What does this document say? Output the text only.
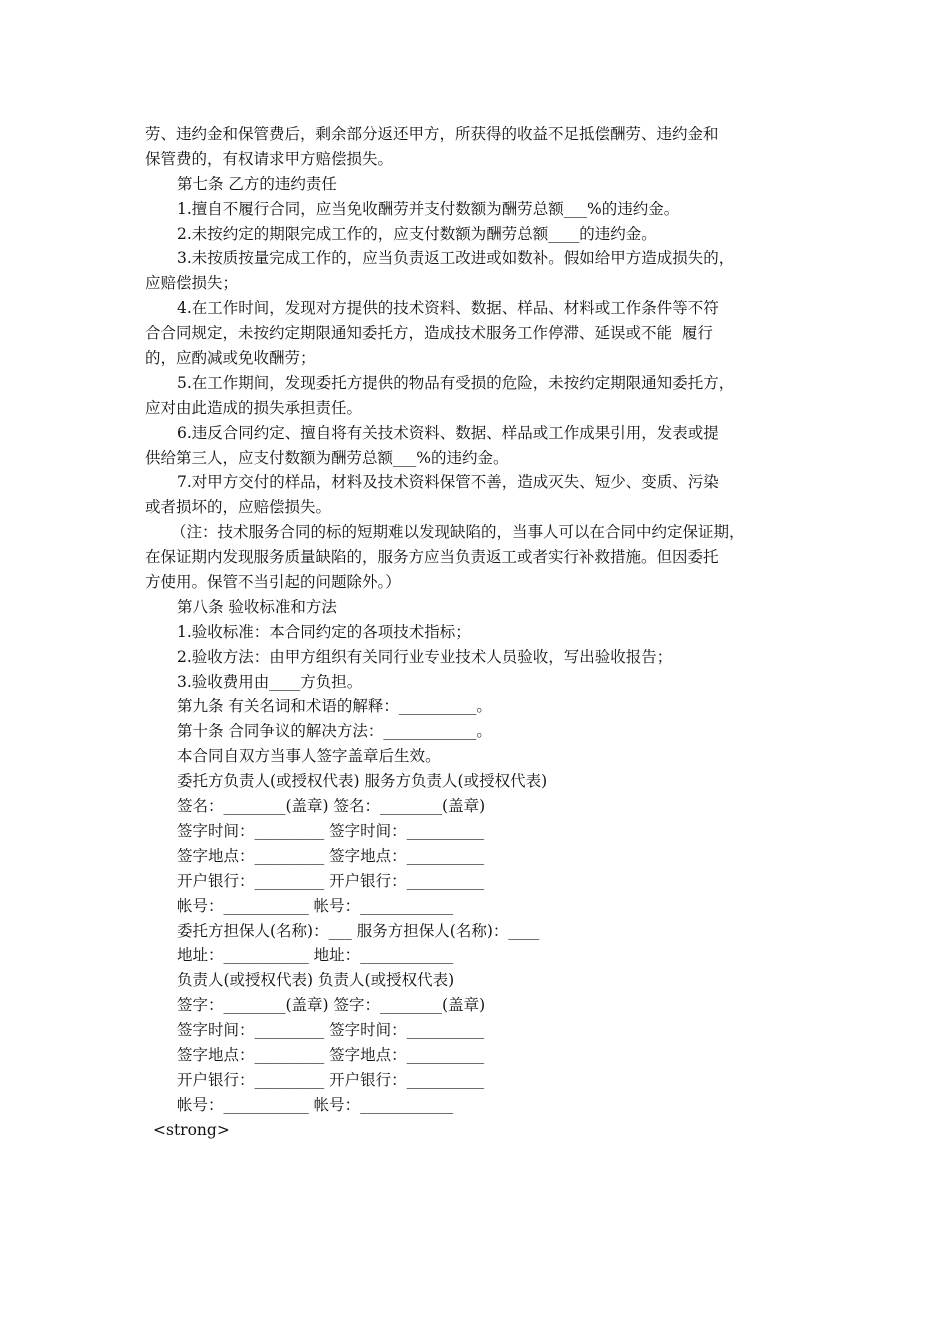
劳、违约金和保管费后，剩余部分返还甲方，所获得的收益不足抵偿酬劳、违约金和
保管费的，有权请求甲方赔偿损失。
第七条 乙方的违约责任
1.擅自不履行合同，应当免收酬劳并支付数额为酬劳总额___%的违约金。
2.未按约定的期限完成工作的，应支付数额为酬劳总额____的违约金。
3.未按质按量完成工作的，应当负责返工改进或如数补。假如给甲方造成损失的，
应赔偿损失；
4.在工作时间，发现对方提供的技术资料、数据、样品、材料或工作条件等不符
合合同规定，未按约定期限通知委托方，造成技术服务工作停滞、延误或不能  履行
的，应酌减或免收酬劳；
5.在工作期间，发现委托方提供的物品有受损的危险，未按约定期限通知委托方，
应对由此造成的损失承担责任。
6.违反合同约定、擅自将有关技术资料、数据、样品或工作成果引用，发表或提
供给第三人，应支付数额为酬劳总额___%的违约金。
7.对甲方交付的样品，材料及技术资料保管不善，造成灭失、短少、变质、污染
或者损坏的，应赔偿损失。
（注：技术服务合同的标的短期难以发现缺陷的，当事人可以在合同中约定保证期，
在保证期内发现服务质量缺陷的，服务方应当负责返工或者实行补救措施。但因委托
方使用。保管不当引起的问题除外。）
第八条 验收标准和方法
1.验收标准：本合同约定的各项技术指标；
2.验收方法：由甲方组织有关同行业专业技术人员验收，写出验收报告；
3.验收费用由____方负担。
第九条 有关名词和术语的解释：__________。
第十条 合同争议的解决方法：____________。
本合同自双方当事人签字盖章后生效。
委托方负责人(或授权代表) 服务方负责人(或授权代表)
签名：________(盖章) 签名：________(盖章)
签字时间：_________ 签字时间：__________
签字地点：_________ 签字地点：__________
开户银行：_________ 开户银行：__________
帐号：___________ 帐号：____________
委托方担保人(名称)：___ 服务方担保人(名称)：____
地址：___________ 地址：____________
负责人(或授权代表) 负责人(或授权代表)
签字：________(盖章) 签字：________(盖章)
签字时间：_________ 签字时间：__________
签字地点：_________ 签字地点：__________
开户银行：_________ 开户银行：__________
帐号：___________ 帐号：____________
<strong>
